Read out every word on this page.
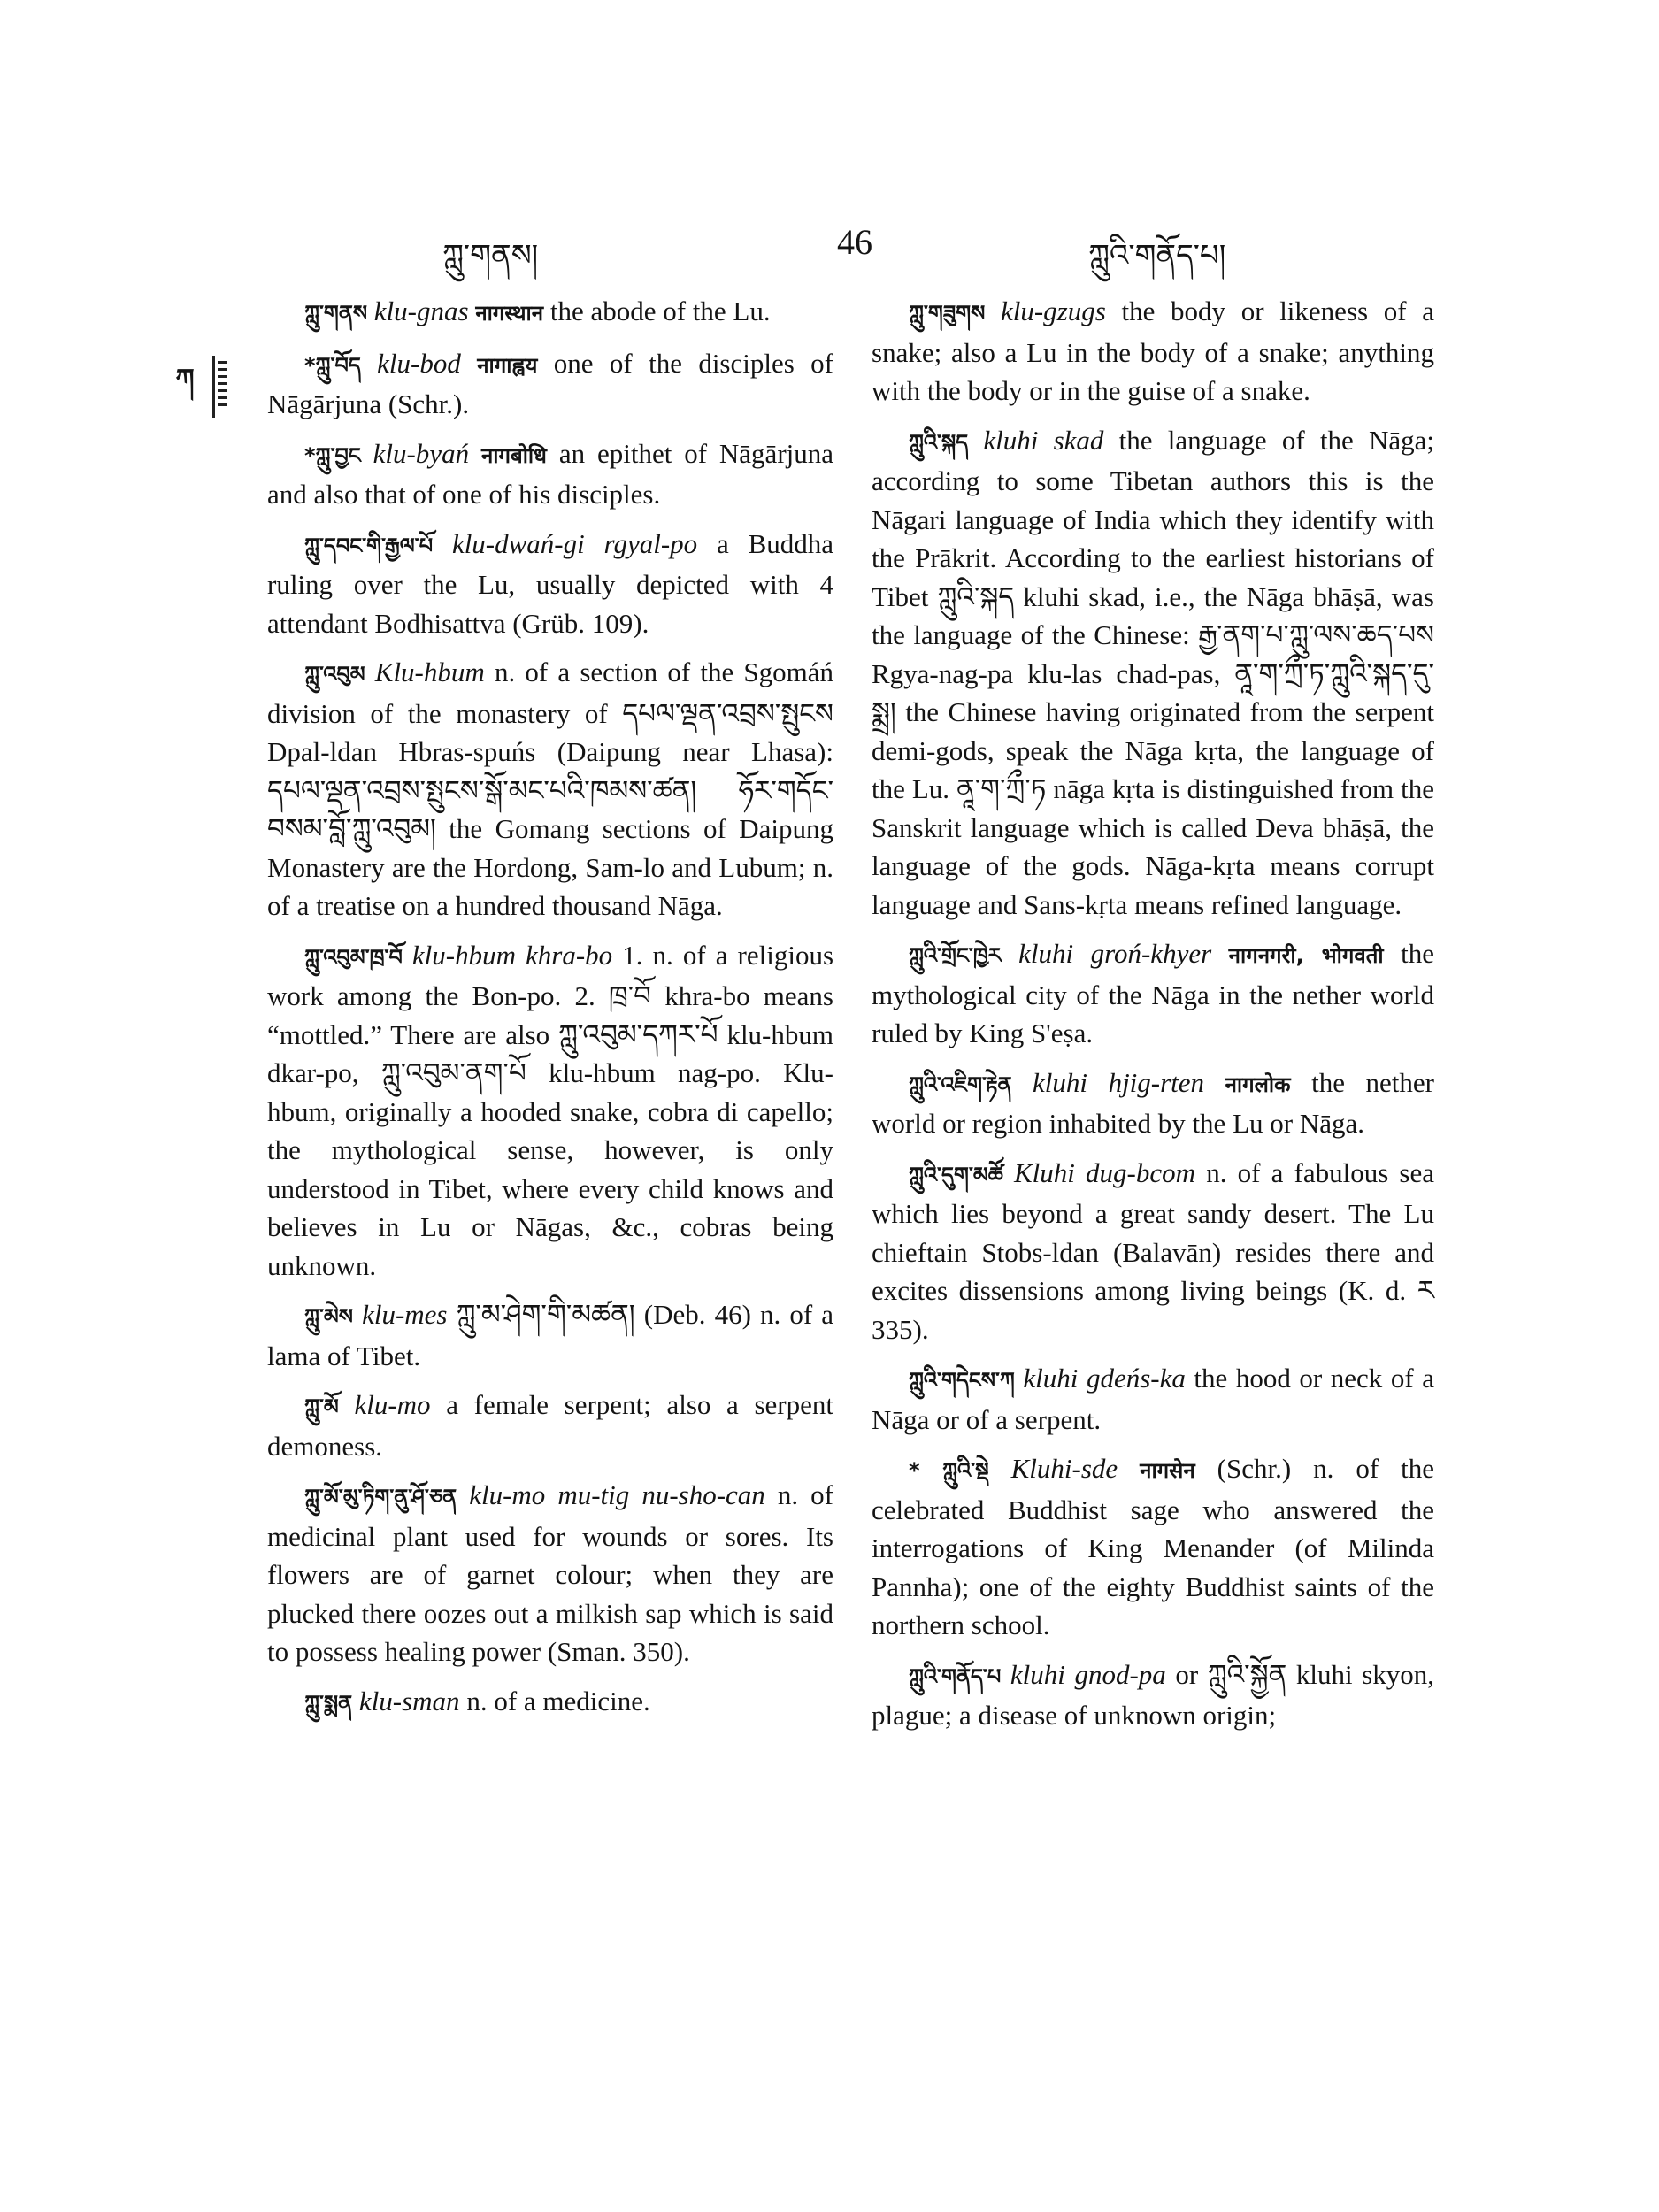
ཀླུ་གནས།	46	ཀླུའི་གནོད་པ།
ཀ

ཀླུ་གནས klu-gnas नागस्थान the abode of the Lu.

*ཀླུ་བོད klu-bod नागाह्वय one of the disciples of Nāgārjuna (Schr.).

*ཀླུ་བྱང klu-byań नागबोधि an epithet of Nāgārjuna and also that of one of his disciples.

ཀླུ་དབང་གི་རྒྱལ་པོ klu-dwań-gi rgyal-po a Buddha ruling over the Lu, usually depicted with 4 attendant Bodhisattva (Grüb. 109).

ཀླུ་འབུམ Klu-hbum n. of a section of the Sgomáń division of the monastery of དཔལ་ལྡན་འབྲས་སྤུངས Dpal-ldan Hbras-spuńs (Daipung near Lhasa): དཔལ་ལྡན་འབྲས་སྤུངས་སྒོ་མང་པའི་ཁམས་ཚན། ཧོར་གདོང་བསམ་བློ་ཀླུ་འབུམ། the Gomang sections of Daipung Monastery are the Hordong, Sam-lo and Lubum; n. of a treatise on a hundred thousand Nāga.

ཀླུ་འབུམ་ཁྲ་བོ klu-hbum khra-bo 1. n. of a religious work among the Bon-po. 2. ཁྲ་བོ khra-bo means “mottled.” There are also ཀླུ་འབུམ་དཀར་པོ klu-hbum dkar-po, ཀླུ་འབུམ་ནག་པོ klu-hbum nag-po. Klu-hbum, originally a hooded snake, cobra di capello; the mythological sense, however, is only understood in Tibet, where every child knows and believes in Lu or Nāgas, &c., cobras being unknown.

ཀླུ་མེས klu-mes ཀླུ་མ་ཤེག་གི་མཚན། (Deb. 46) n. of a lama of Tibet.

ཀླུ་མོ klu-mo a female serpent; also a serpent demoness.

ཀླུ་མོ་མུ་ཏིག་ནུ་ཤོ་ཅན klu-mo mu-tig nu-sho-can n. of medicinal plant used for wounds or sores. Its flowers are of garnet colour; when they are plucked there oozes out a milkish sap which is said to possess healing power (Sman. 350).

ཀླུ་སྨན klu-sman n. of a medicine.

ཀླུ་གཟུགས klu-gzugs the body or likeness of a snake; also a Lu in the body of a snake; anything with the body or in the guise of a snake.

ཀླུའི་སྐད kluhi skad the language of the Nāga; according to some Tibetan authors this is the Nāgari language of India which they identify with the Prākrit. According to the earliest historians of Tibet ཀླུའི་སྐད kluhi skad, i.e., the Nāga bhāṣā, was the language of the Chinese: རྒྱ་ནག་པ་ཀླུ་ལས་ཆད་པས Rgya-nag-pa klu-las chad-pas, ནཱ་ག་ཀྲྀ་ཏ་ཀླུའི་སྐད་དུ་སྨྲ། the Chinese having originated from the serpent demi-gods, speak the Nāga kṛta, the language of the Lu. ནཱ་ག་ཀྲྀ་ཏ nāga kṛta is distinguished from the Sanskrit language which is called Deva bhāṣā, the language of the gods. Nāga-kṛta means corrupt language and Sans-kṛta means refined language.

ཀླུའི་གྲོང་ཁྱེར kluhi groń-khyer नागनगरी, भोगवती the mythological city of the Nāga in the nether world ruled by King S'eṣa.

ཀླུའི་འཇིག་རྟེན kluhi hjig-rten नागलोक the nether world or region inhabited by the Lu or Nāga.

ཀླུའི་དུག་མཚོ Kluhi dug-bcom n. of a fabulous sea which lies beyond a great sandy desert. The Lu chieftain Stobs-ldan (Balavān) resides there and excites dissensions among living beings (K. d. ར 335).

ཀླུའི་གདེངས་ཀ kluhi gdeńs-ka the hood or neck of a Nāga or of a serpent.

* ཀླུའི་སྡེ Kluhi-sde नागसेन (Schr.) n. of the celebrated Buddhist sage who answered the interrogations of King Menander (of Milinda Pannha); one of the eighty Buddhist saints of the northern school.

ཀླུའི་གནོད་པ kluhi gnod-pa or ཀླུའི་སྐྱོན kluhi skyon, plague; a disease of unknown origin;
